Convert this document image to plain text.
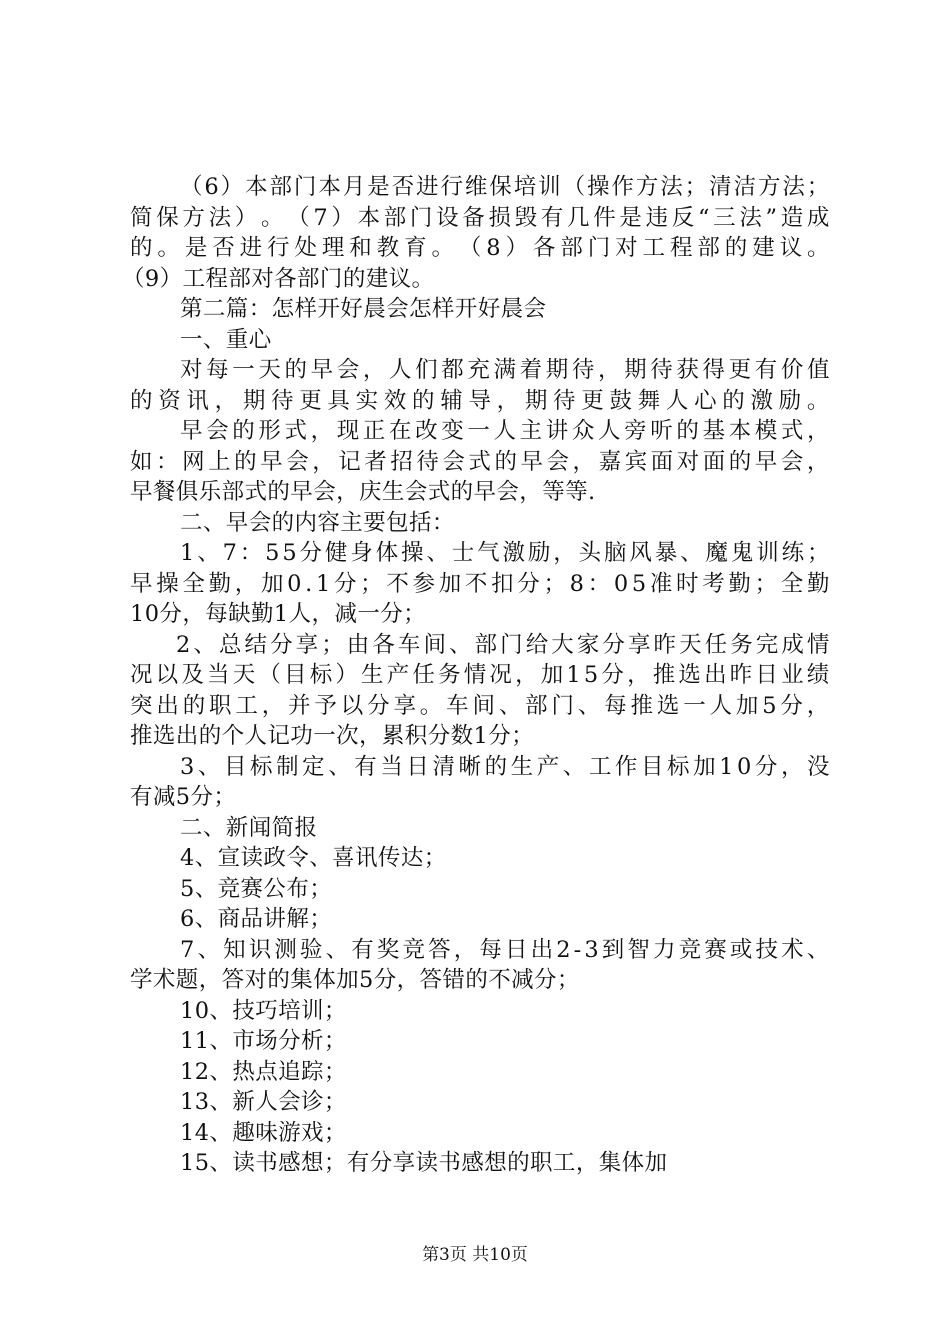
（ 6 ） 本 部 门 本 月 是 否 进 行 维 保 培 训 （ 操 作 方 法 ； 清 洁 方 法 ；
简 保 方 法 ） 。 （ 7 ） 本 部 门 设 备 损 毁 有 几 件 是 违 反 “ 三 法 ” 造 成
的 。 是 否 进 行 处 理 和 教 育 。 （ 8 ） 各 部 门 对 工 程 部 的 建 议 。
（9）工程部对各部门的建议。
第二篇：怎样开好晨会怎样开好晨会
一、重心
对 每 一 天 的 早 会 ， 人 们 都 充 满 着 期 待 ， 期 待 获 得 更 有 价 值
的 资 讯 ， 期 待 更 具 实 效 的 辅 导 ， 期 待 更 鼓 舞 人 心 的 激 励 。
早 会 的 形 式 ， 现 正 在 改 变 一 人 主 讲 众 人 旁 听 的 基 本 模 式 ，
如 ： 网 上 的 早 会 ， 记 者 招 待 会 式 的 早 会 ， 嘉 宾 面 对 面 的 早 会 ，
早餐俱乐部式的早会，庆生会式的早会，等等.
二、早会的内容主要包括：
1 、 7 ： 5 5 分 健 身 体 操 、 士 气 激 励 ， 头 脑 风 暴 、 魔 鬼 训 练 ；
早 操 全 勤 ， 加 0 . 1 分 ； 不 参 加 不 扣 分 ； 8 ： 0 5 准 时 考 勤 ； 全 勤
10分，每缺勤1人，减一分；
2 、 总 结 分 享 ； 由 各 车 间 、 部 门 给 大 家 分 享 昨 天 任 务 完 成 情
况 以 及 当 天 （ 目 标 ） 生 产 任 务 情 况 ， 加 1 5 分 ， 推 选 出 昨 日 业 绩
突 出 的 职 工 ， 并 予 以 分 享 。 车 间 、 部 门 、 每 推 选 一 人 加 5 分 ，
推选出的个人记功一次，累积分数1分；
3 、 目 标 制 定 、 有 当 日 清 晰 的 生 产 、 工 作 目 标 加 1 0 分 ， 没
有减5分；
二、新闻简报
4、宣读政令、喜讯传达；
5、竞赛公布；
6、商品讲解；
7 、 知 识 测 验 、 有 奖 竞 答 ， 每 日 出 2 - 3 到 智 力 竞 赛 或 技 术 、
学术题，答对的集体加5分，答错的不减分；
10、技巧培训；
11、市场分析；
12、热点追踪；
13、新人会诊；
14、趣味游戏；
15、读书感想；有分享读书感想的职工，集体加
第3页 共10页
